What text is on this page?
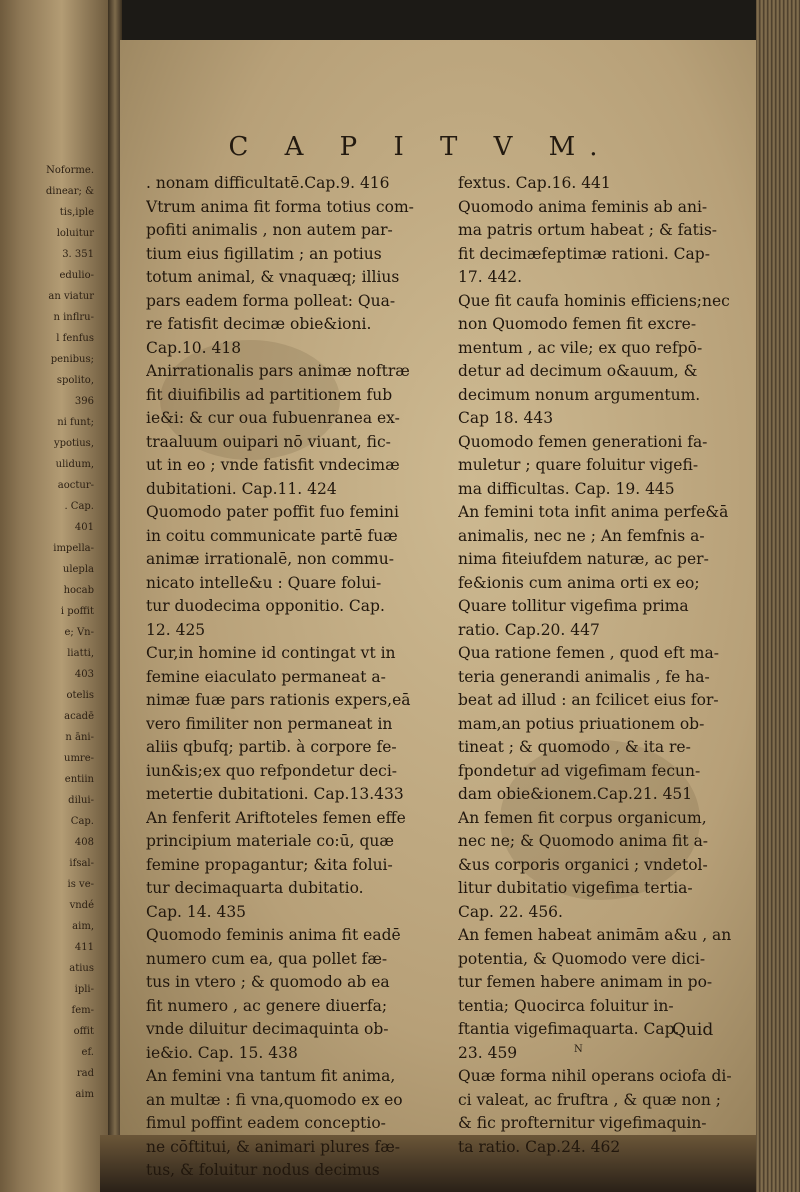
Noforme.
dinear; &
tis,iple
loluitur
3. 351
edulio-
an viatur
n inflru-
l fenfus
penibus;
spolito,
396
ni funt;
ypotius,
ulidum,
aoctur-
. Cap.
401
impella-
ulepla
hocab
i poffit
e; Vn-
liatti,
403
otelis
acadē
n āni-
umre-
entiin
dilui-
Cap.
408
ifsal-
is ve-
vndé
aim,
411
atius
ipli-
fem-
offit
ef.
rad
aim
C A P I T V M.
. nonam difficultatē.Cap.9. 416
Vtrum anima fit forma totius com-
pofiti animalis , non autem par-
tium eius figillatim ; an potius
totum animal, & vnaquæq; illius
pars eadem forma polleat: Qua-
re fatisfit decimæ obie&ioni.
Cap.10. 418
Anirrationalis pars animæ noftræ
fit diuifibilis ad partitionem fub
ie&i: & cur oua fubuenranea ex-
traaluum ouipari nō viuant, fic-
ut in eo ; vnde fatisfit vndecimæ
dubitationi. Cap.11. 424
Quomodo pater poffit fuo femini
in coitu communicate partē fuæ
animæ irrationalē, non commu-
nicato intelle&u : Quare folui-
tur duodecima opponitio. Cap.
12. 425
Cur,in homine id contingat vt in
femine eiaculato permaneat a-
nimæ fuæ pars rationis expers,eā
vero fimiliter non permaneat in
aliis qbufq; partib. à corpore fe-
iun&is;ex quo refpondetur deci-
metertie dubitationi. Cap.13.433
An fenferit Ariftoteles femen effe
principium materiale co:ū, quæ
femine propagantur; &ita folui-
tur decimaquarta dubitatio.
Cap. 14. 435
Quomodo feminis anima fit eadē
numero cum ea, qua pollet fæ-
tus in vtero ; & quomodo ab ea
fit numero , ac genere diuerfa;
vnde diluitur decimaquinta ob-
ie&io. Cap. 15. 438
An femini vna tantum fit anima,
an multæ : fi vna,quomodo ex eo
fimul poffint eadem conceptio-
ne cōftitui, & animari plures fæ-
tus, & foluitur nodus decimus
fextus. Cap.16. 441
Quomodo anima feminis ab ani-
ma patris ortum habeat ; & fatis-
fit decimæfeptimæ rationi. Cap-
17. 442.
Que fit caufa hominis efficiens;nec
non Quomodo femen fit excre-
mentum , ac vile; ex quo refpō-
detur ad decimum o&auum, &
decimum nonum argumentum.
Cap 18. 443
Quomodo femen generationi fa-
muletur ; quare foluitur vigefi-
ma difficultas. Cap. 19. 445
An femini tota infit anima perfe&ā
animalis, nec ne ; An femfnis a-
nima fiteiufdem naturæ, ac per-
fe&ionis cum anima orti ex eo;
Quare tollitur vigefima prima
ratio. Cap.20. 447
Qua ratione femen , quod eft ma-
teria generandi animalis , fe ha-
beat ad illud : an fcilicet eius for-
mam,an potius priuationem ob-
tineat ; & quomodo , & ita re-
fpondetur ad vigefimam fecun-
dam obie&ionem.Cap.21. 451
An femen fit corpus organicum,
nec ne; & Quomodo anima fit a-
&us corporis organici ; vndetol-
litur dubitatio vigefima tertia-
Cap. 22. 456.
An femen habeat animām a&u , an
potentia, & Quomodo vere dici-
tur femen habere animam in po-
tentia; Quocirca foluitur in-
ftantia vigefimaquarta. Cap.
23. 459
Quæ forma nihil operans ociofa di-
ci valeat, ac fruftra , & quæ non ;
& fic profternitur vigefimaquin-
ta ratio. Cap.24. 462
N
Quid
